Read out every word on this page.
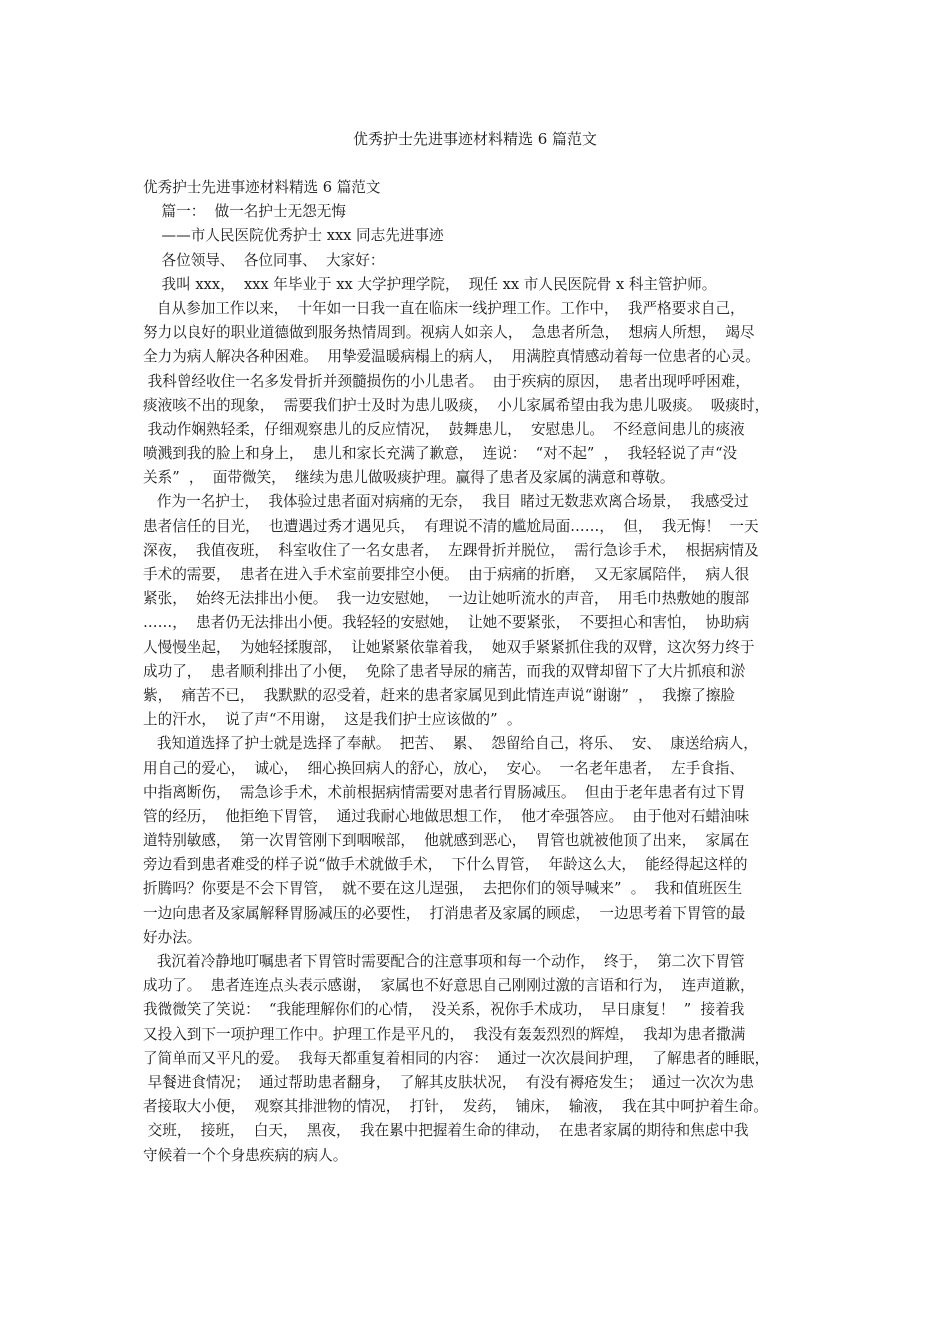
优秀护士先进事迹材料精选 6 篇范文
优秀护士先进事迹材料精选 6 篇范文
篇一：  做一名护士无怨无悔
——市人民医院优秀护士 xxx 同志先进事迹
各位领导、  各位同事、  大家好：
我叫 xxx，  xxx 年毕业于 xx 大学护理学院，  现任 xx 市人民医院骨 x 科主管护师。
自从参加工作以来，  十年如一日我一直在临床一线护理工作。工作中，  我严格要求自己，
努力以良好的职业道德做到服务热情周到。视病人如亲人，  急患者所急，  想病人所想，  竭尽
全力为病人解决各种困难。  用挚爱温暖病榻上的病人，  用满腔真情感动着每一位患者的心灵。
我科曾经收住一名多发骨折并颈髓损伤的小儿患者。  由于疾病的原因，  患者出现呼呼困难，
痰液咳不出的现象，  需要我们护士及时为患儿吸痰，  小儿家属希望由我为患儿吸痰。  吸痰时，
我动作娴熟轻柔，仔细观察患儿的反应情况，  鼓舞患儿，  安慰患儿。  不经意间患儿的痰液
喷溅到我的脸上和身上，  患儿和家长充满了歉意，  连说：  “对不起”  ，  我轻轻说了声“没
关系”  ，  面带微笑，  继续为患儿做吸痰护理。赢得了患者及家属的满意和尊敬。
作为一名护士，  我体验过患者面对病痛的无奈，  我目  睹过无数悲欢离合场景，  我感受过
患者信任的目光，  也遭遇过秀才遇见兵，  有理说不清的尴尬局面……，  但，  我无悔！  一天
深夜，  我值夜班，  科室收住了一名女患者，  左踝骨折并脱位，  需行急诊手术，  根据病情及
手术的需要，  患者在进入手术室前要排空小便。  由于病痛的折磨，  又无家属陪伴，  病人很
紧张，  始终无法排出小便。  我一边安慰她，  一边让她听流水的声音，  用毛巾热敷她的腹部
……，  患者仍无法排出小便。我轻轻的安慰她，  让她不要紧张，  不要担心和害怕，  协助病
人慢慢坐起，  为她轻揉腹部，  让她紧紧依靠着我，  她双手紧紧抓住我的双臂，这次努力终于
成功了，  患者顺利排出了小便，  免除了患者导尿的痛苦，而我的双臂却留下了大片抓痕和淤
紫，  痛苦不已，  我默默的忍受着，赶来的患者家属见到此情连声说“谢谢”  ，  我擦了擦脸
上的汗水，  说了声“不用谢，  这是我们护士应该做的”  。
我知道选择了护士就是选择了奉献。  把苦、  累、  怨留给自己，将乐、  安、  康送给病人，
用自己的爱心，  诚心，  细心换回病人的舒心，放心，  安心。  一名老年患者，  左手食指、
中指离断伤，  需急诊手术，术前根据病情需要对患者行胃肠减压。  但由于老年患者有过下胃
管的经历，  他拒绝下胃管，  通过我耐心地做思想工作，  他才牵强答应。  由于他对石蜡油味
道特别敏感，  第一次胃管刚下到咽喉部，  他就感到恶心，  胃管也就被他顶了出来，  家属在
旁边看到患者难受的样子说“做手术就做手术，  下什么胃管，  年龄这么大，  能经得起这样的
折腾吗？你要是不会下胃管，  就不要在这儿逞强，  去把你们的领导喊来”  。  我和值班医生
一边向患者及家属解释胃肠减压的必要性，  打消患者及家属的顾虑，  一边思考着下胃管的最
好办法。
我沉着冷静地叮嘱患者下胃管时需要配合的注意事项和每一个动作，  终于，  第二次下胃管
成功了。  患者连连点头表示感谢，  家属也不好意思自己刚刚过激的言语和行为，  连声道歉，
我微微笑了笑说：  “我能理解你们的心情，  没关系，祝你手术成功，  早日康复！  ”  接着我
又投入到下一项护理工作中。护理工作是平凡的，  我没有轰轰烈烈的辉煌，  我却为患者撒满
了简单而又平凡的爱。  我每天都重复着相同的内容：  通过一次次晨间护理，  了解患者的睡眠，
早餐进食情况；  通过帮助患者翻身，  了解其皮肤状况，  有没有褥疮发生；  通过一次次为患
者接取大小便，  观察其排泄物的情况，  打针，  发药，  铺床，  输液，  我在其中呵护着生命。
交班，  接班，  白天，  黑夜，  我在累中把握着生命的律动，  在患者家属的期待和焦虑中我
守候着一个个身患疾病的病人。
